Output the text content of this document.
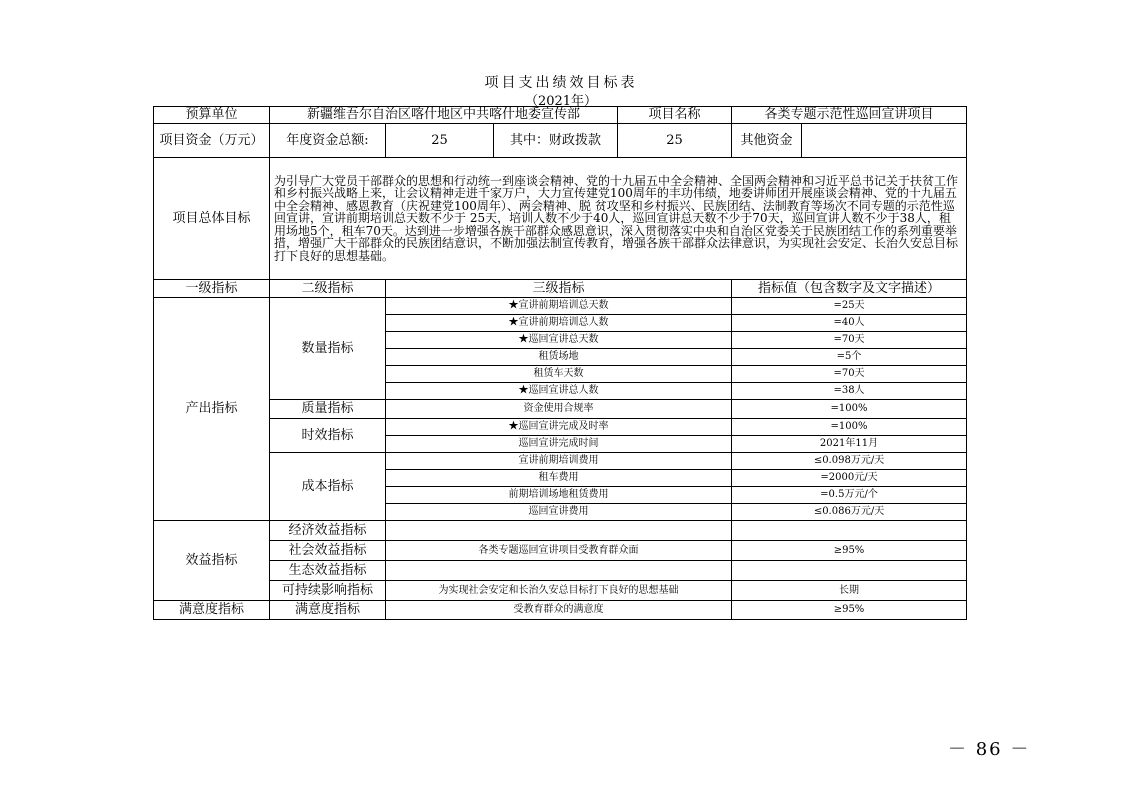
项目支出绩效目标表
（2021年）
预算单位	新疆维吾尔自治区喀什地区中共喀什地委宣传部			项目名称	各类专题示范性巡回宣讲项目	
项目资金（万元）	年度资金总额:	25	其中：财政拨款	25	其他资金	
项目总体目标	为引导广大党员干部群众的思想和行动统一到座谈会精神、党的十九届五中全会精神、全国两会精神和习近平总书记关于扶贫工作和乡村振兴战略上来，让会议精神走进千家万户，大力宣传建党100周年的丰功伟绩，地委讲师团开展座谈会精神、党的十九届五中全会精神、感恩教育（庆祝建党100周年）、两会精神、脱 贫攻坚和乡村振兴、民族团结、法制教育等场次不同专题的示范性巡回宣讲，宣讲前期培训总天数不少于 25天，培训人数不少于40人，巡回宣讲总天数不少于70天，巡回宣讲人数不少于38人，租用场地5个，租车70天。达到进一步增强各族干部群众感恩意识，深入贯彻落实中央和自治区党委关于民族团结工作的系列重要举措，增强广大干部群众的民族团结意识，不断加强法制宣传教育，增强各族干部群众法律意识，为实现社会安定、长治久安总目标打下良好的思想基础。					
一级指标	二级指标	三级指标			指标值（包含数字及文字描述）	
产出指标	数量指标	★宣讲前期培训总天数			=25天	
		★宣讲前期培训总人数			=40人	
		★巡回宣讲总天数			=70天	
		租赁场地			=5个	
		租赁车天数			=70天	
		★巡回宣讲总人数			=38人	
	质量指标	资金使用合规率			=100%	
	时效指标	★巡回宣讲完成及时率			=100%	
		巡回宣讲完成时间			2021年11月	
	成本指标	宣讲前期培训费用			≤0.098万元/天	
		租车费用			=2000元/天	
		前期培训场地租赁费用			=0.5万元/个	
		巡回宣讲费用			≤0.086万元/天	
效益指标	经济效益指标					
	社会效益指标	各类专题巡回宣讲项目受教育群众面			≥95%	
	生态效益指标					
	可持续影响指标	为实现社会安定和长治久安总目标打下良好的思想基础			长期	
满意度指标	满意度指标	受教育群众的满意度			≥95%	
－ 86 －
